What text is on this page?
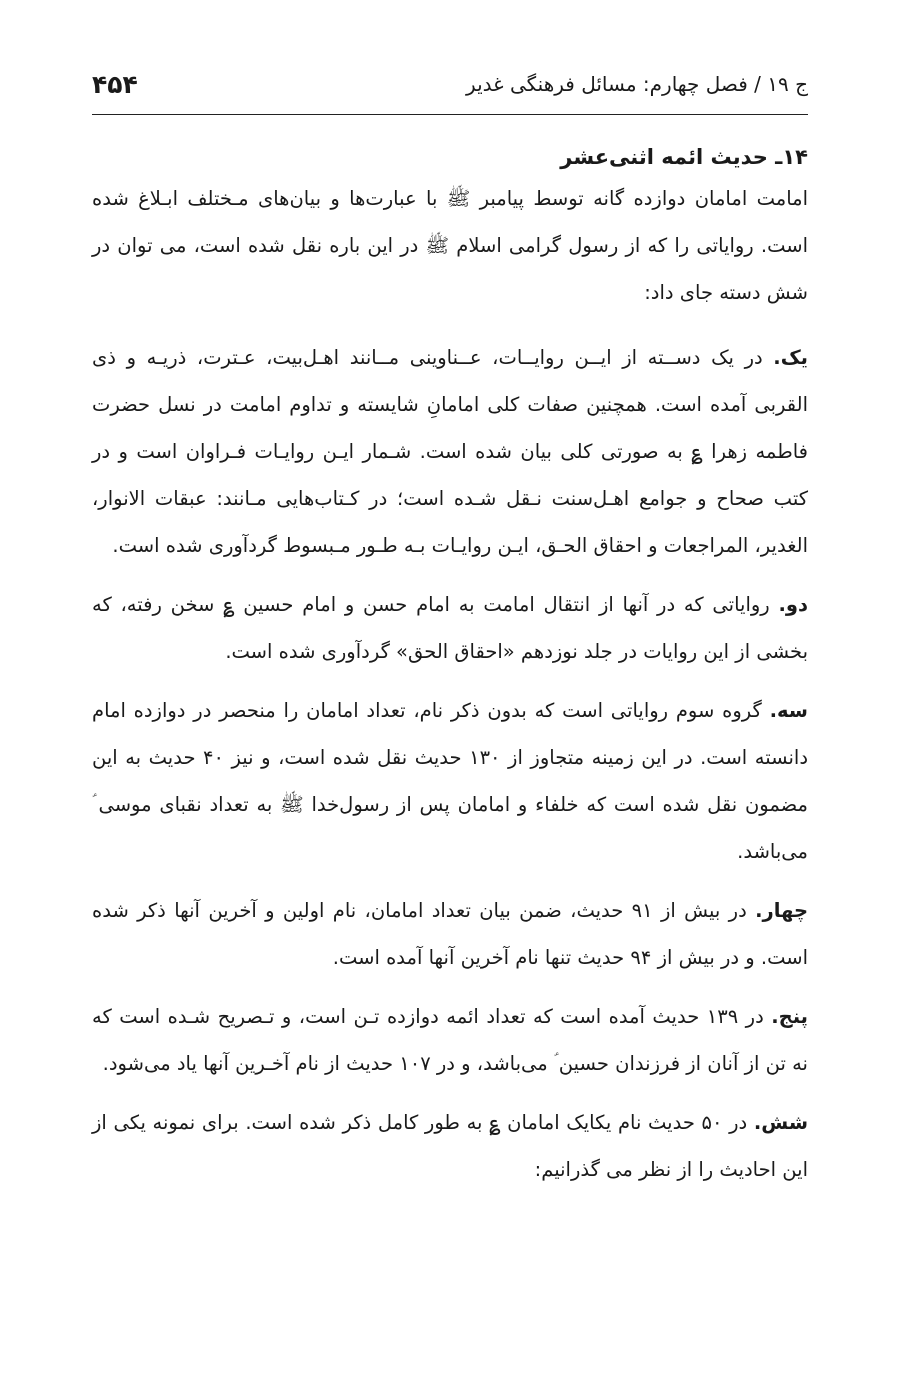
ج ۱۹ / فصل چهارم: مسائل فرهنگی غدیر
۴۵۴
۱۴ـ حدیث ائمه اثنی‌عشر

امامت امامان دوازده گانه توسط پیامبر ﷺ با عبارت‌ها و بیان‌های مـختلف ابـلاغ شده است. روایاتی را که از رسول گرامی اسلام ﷺ در این باره نقل شده است، می توان در شش دسته جای داد:

یک. در یک دســته از ایــن روایــات، عــناوینی مــانند اهـل‌بیت، عـترت، ذریـه و ذی القربی آمده است. همچنین صفات کلی امامانِ شایسته و تداوم امامت در نسل حضرت فاطمه زهرا ؏ به صورتی کلی بیان شده است. شـمار ایـن روایـات فـراوان است و در کتب صحاح و جوامع اهـل‌سنت نـقل شـده است؛ در کـتاب‌هایی مـانند: عبقات الانوار، الغدیر، المراجعات و احقاق الحـق، ایـن روایـات بـه طـور مـبسوط گردآوری شده است.

دو. روایاتی که در آنها از انتقال امامت به امام حسن و امام حسین ؏ سخن رفته، که بخشی از این روایات در جلد نوزدهم «احقاق الحق» گردآوری شده است.

سه. گروه سوم روایاتی است که بدون ذکر نام، تعداد امامان را منحصر در دوازده امام دانسته است. در این زمینه متجاوز از ۱۳۰ حدیث نقل شده است، و نیز ۴۰ حدیث به این مضمون نقل شده است که خلفاء و امامان پس از رسول‌خدا ﷺ به تعداد نقبای موسی ؑ می‌باشد.

چهار. در بیش از ۹۱ حدیث، ضمن بیان تعداد امامان، نام اولین و آخرین آنها ذکر شده است. و در بیش از ۹۴ حدیث تنها نام آخرین آنها آمده است.

پنج. در ۱۳۹ حدیث آمده است که تعداد ائمه دوازده تـن است، و تـصریح شـده است که نه تن از آنان از فرزندان حسین ؑ می‌باشد، و در ۱۰۷ حدیث از نام آخـرین آنها یاد می‌شود.

شش. در ۵۰ حدیث نام یکایک امامان ؏ به طور کامل ذکر شده است. برای نمونه یکی از این احادیث را از نظر می گذرانیم:
